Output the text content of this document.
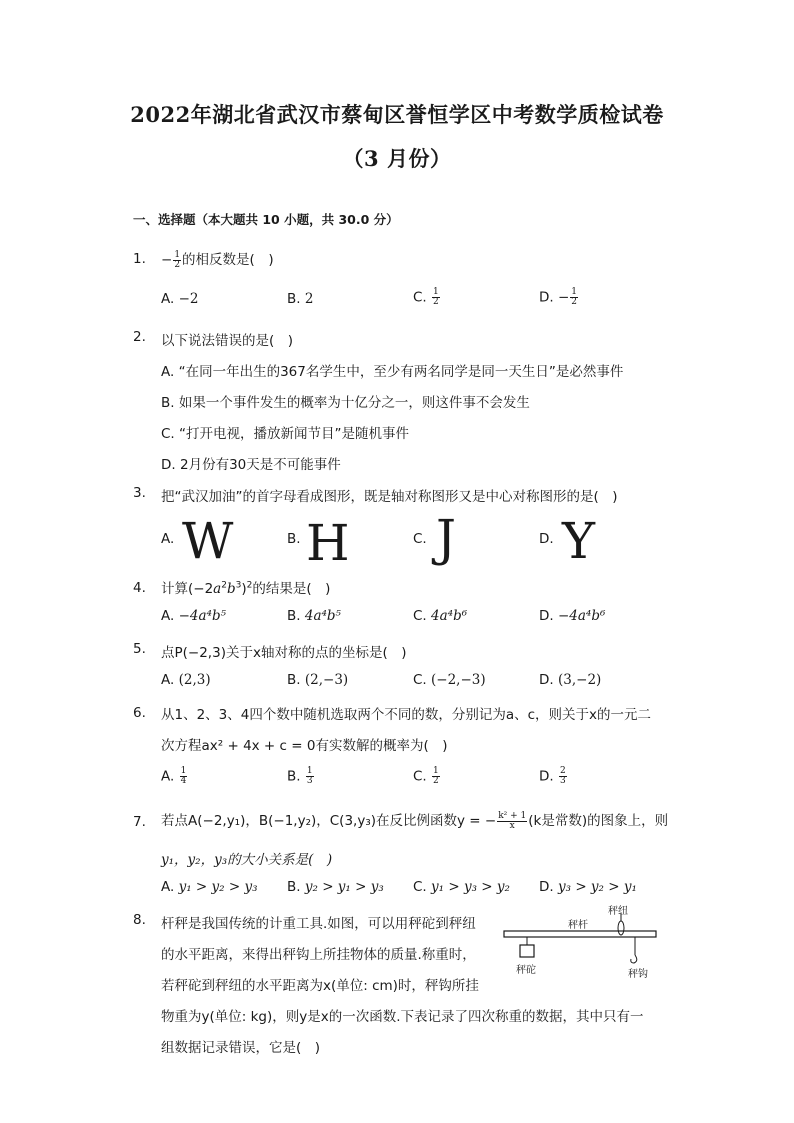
2022年湖北省武汉市蔡甸区誉恒学区中考数学质检试卷
（3 月份）
一、选择题（本大题共 10 小题，共 30.0 分）
1. − $\frac{1}{2}$ 的相反数是(　)
A. −2	B. 2	C. $\frac{1}{2}$	D. − $\frac{1}{2}$
2. 以下说法错误的是(　)
A. “在同一年出生的367名学生中，至少有两名同学是同一天生日”是必然事件
B. 如果一个事件发生的概率为十亿分之一，则这件事不会发生
C. “打开电视，播放新闻节目”是随机事件
D. 2月份有30天是不可能事件
3. 把“武汉加油”的首字母看成图形，既是轴对称图形又是中心对称图形的是(　)
A. W	B. H	C. J	D. Y
4. 计算$(-2a^2b^3)^2$的结果是(　)
A. −4a⁴b⁵	B. 4a⁴b⁵	C. 4a⁴b⁶	D. −4a⁴b⁶
5. 点P(−2,3)关于x轴对称的点的坐标是(　)
A. (2,3)	B. (2,−3)	C. (−2,−3)	D. (3,−2)
6. 从1、2、3、4四个数中随机选取两个不同的数，分别记为a、c，则关于x的一元二
次方程ax² + 4x + c = 0有实数解的概率为(　)
A. $\frac{1}{4}$	B. $\frac{1}{3}$	C. $\frac{1}{2}$	D. $\frac{2}{3}$
7. 若点A(−2,y₁)，B(−1,y₂)，C(3,y₃)在反比例函数y = − $\frac{\text{k² + 1}}{x} (k$是常数)的图象上，则
y₁，y₂，y₃的大小关系是(　)
A. y₁ > y₂ > y₃ B. y₂ > y₁ > y₃ C. y₁ > y₃ > y₂ D. y₃ > y₂ > y₁
8. 杆秤是我国传统的计重工具.如图，可以用秤砣到秤纽
的水平距离，来得出秤钩上所挂物体的质量.称重时，
若秤砣到秤纽的水平距离为x(单位: cm)时，秤钩所挂
物重为y(单位: kg)，则y是x的一次函数.下表记录了四次称重的数据，其中只有一
组数据记录错误，它是(　)
秤纽
秤杆
秤砣	秤钩
